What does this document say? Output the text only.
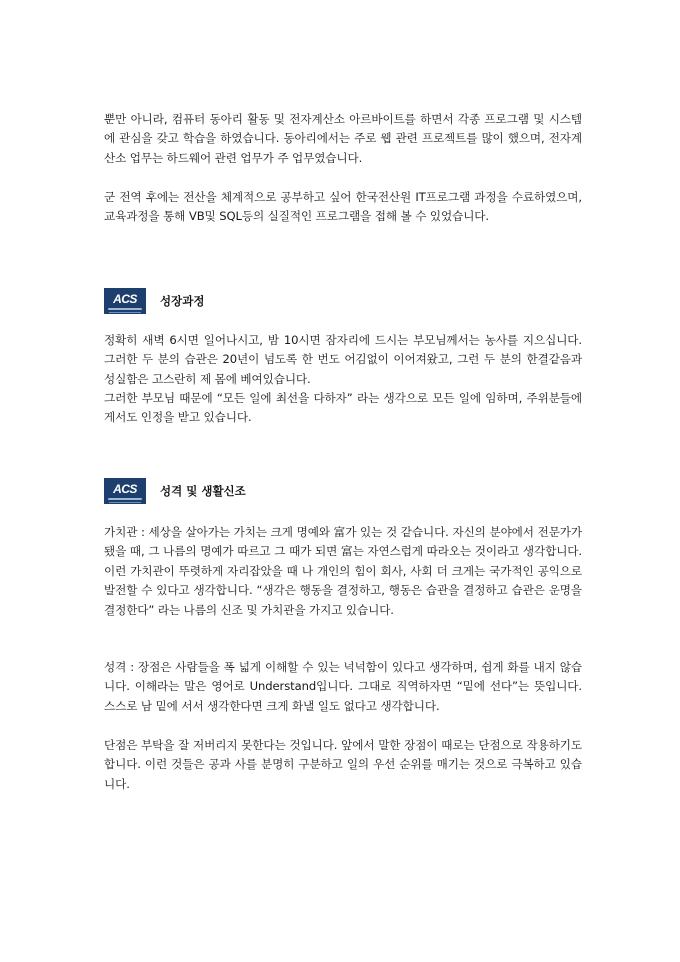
뿐만 아니라, 컴퓨터 동아리 활동 및 전자계산소 아르바이트를 하면서 각종 프로그램 및 시스템에 관심을 갖고 학습을 하였습니다. 동아리에서는 주로 웹 관련 프로젝트를 많이 했으며, 전자계산소 업무는 하드웨어 관련 업무가 주 업무였습니다.

군 전역 후에는 전산을 체계적으로 공부하고 싶어 한국전산원 IT프로그램 과정을 수료하였으며, 교육과정을 통해 VB및 SQL등의 실질적인 프로그램을 접해 볼 수 있었습니다.

ACS 성장과정

정확히 새벽 6시면 일어나시고, 밤 10시면 잠자리에 드시는 부모님께서는 농사를 지으십니다. 그러한 두 분의 습관은 20년이 넘도록 한 번도 어김없이 이어져왔고, 그런 두 분의 한결같음과 성실함은 고스란히 제 몸에 베여있습니다.

그러한 부모님 때문에 “모든 일에 최선을 다하자” 라는 생각으로 모든 일에 임하며, 주위분들에게서도 인정을 받고 있습니다.

ACS 성격 및 생활신조

가치관 : 세상을 살아가는 가치는 크게 명예와 富가 있는 것 같습니다. 자신의 분야에서 전문가가 됐을 때, 그 나름의 명예가 따르고 그 때가 되면 富는 자연스럽게 따라오는 것이라고 생각합니다. 이런 가치관이 뚜렷하게 자리잡았을 때 나 개인의 힘이 회사, 사회 더 크게는 국가적인 공익으로 발전할 수 있다고 생각합니다. “생각은 행동을 결정하고, 행동은 습관을 결정하고 습관은 운명을 결정한다” 라는 나름의 신조 및 가치관을 가지고 있습니다.

성격 : 장점은 사람들을 폭 넓게 이해할 수 있는 넉넉함이 있다고 생각하며, 쉽게 화를 내지 않습니다. 이해라는 말은 영어로 Understand입니다. 그대로 직역하자면 “밑에 선다”는 뜻입니다. 스스로 남 밑에 서서 생각한다면 크게 화낼 일도 없다고 생각합니다.

단점은 부탁을 잘 저버리지 못한다는 것입니다. 앞에서 말한 장점이 때로는 단점으로 작용하기도 합니다. 이런 것들은 공과 사를 분명히 구분하고 일의 우선 순위를 매기는 것으로 극복하고 있습니다.
